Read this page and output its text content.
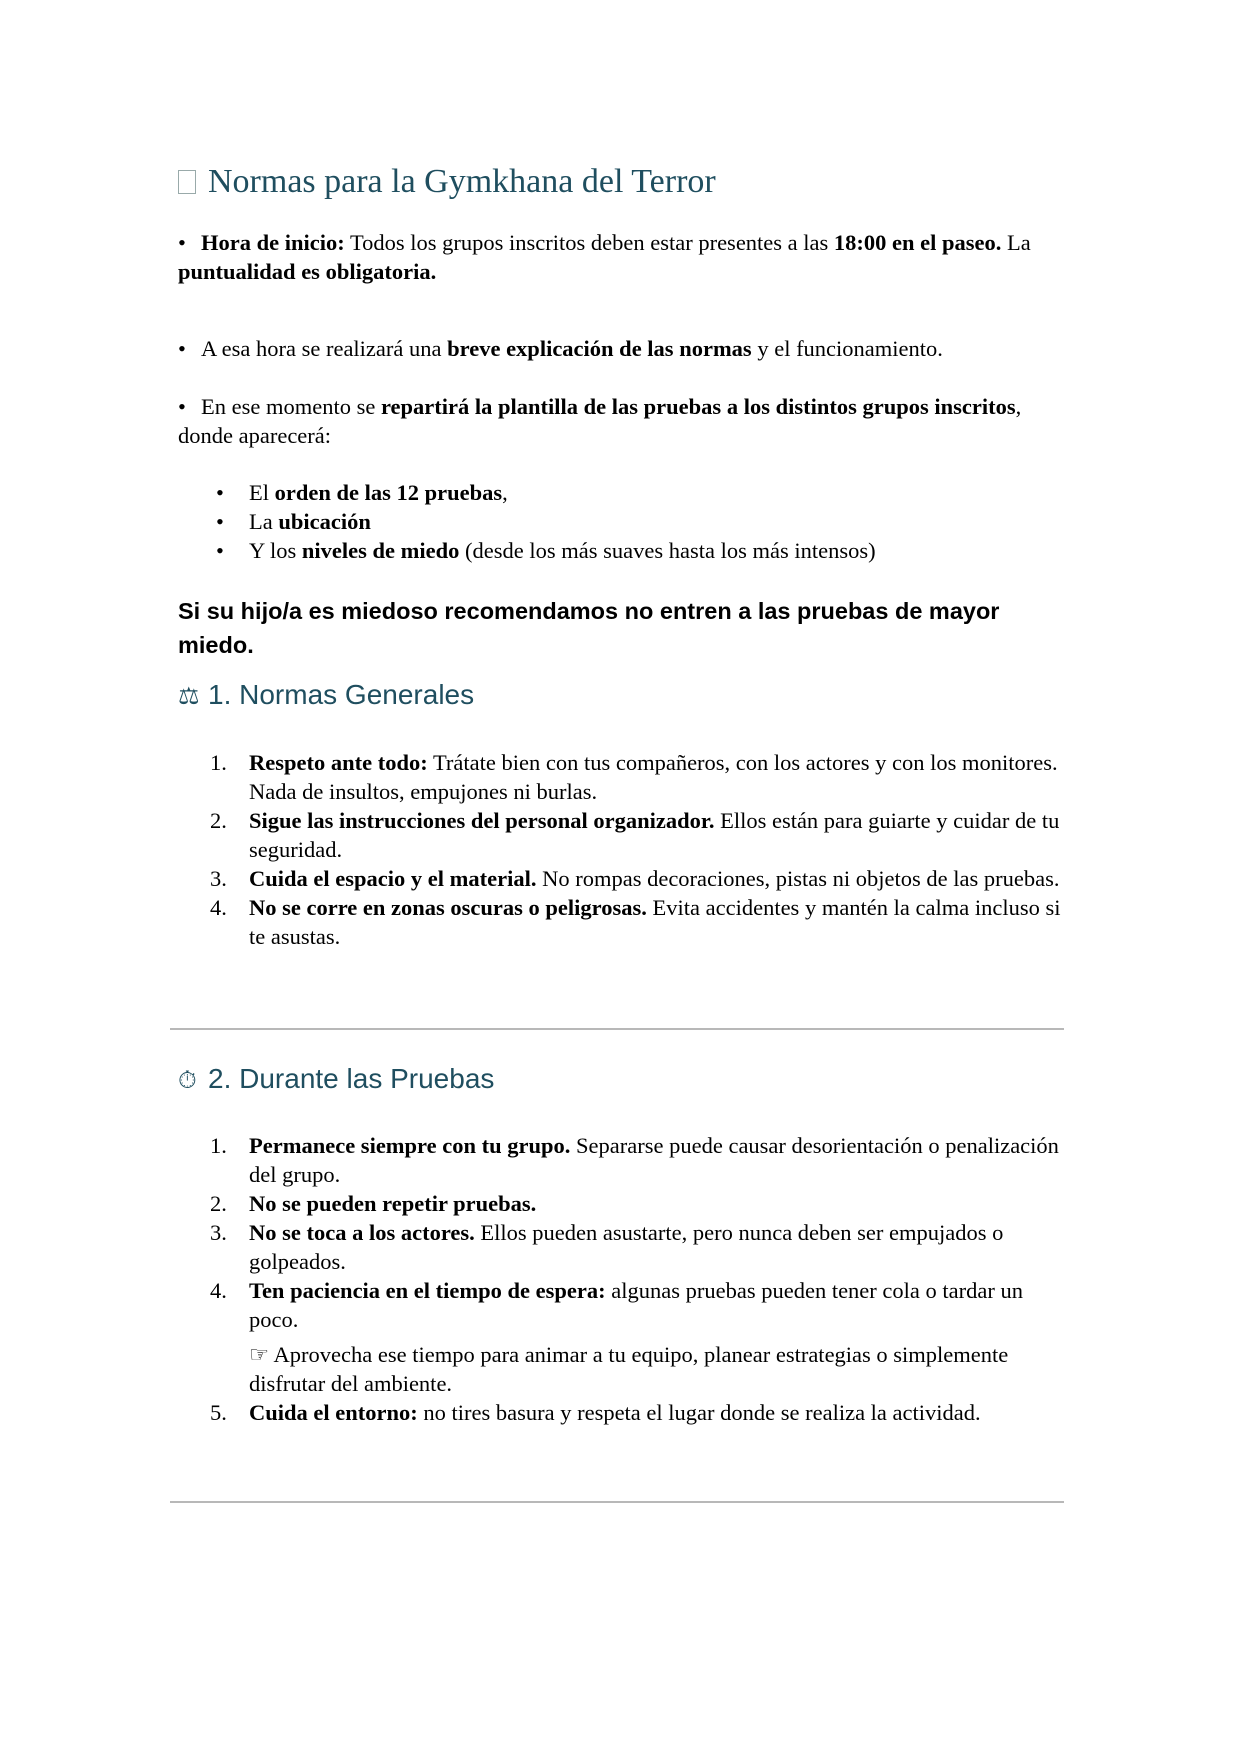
Normas para la Gymkhana del Terror

• Hora de inicio: Todos los grupos inscritos deben estar presentes a las 18:00 en el paseo. La puntualidad es obligatoria.

• A esa hora se realizará una breve explicación de las normas y el funcionamiento.

• En ese momento se repartirá la plantilla de las pruebas a los distintos grupos inscritos, donde aparecerá:

• El orden de las 12 pruebas,
• La ubicación
• Y los niveles de miedo (desde los más suaves hasta los más intensos)

Si su hijo/a es miedoso recomendamos no entren a las pruebas de mayor miedo.

⚖ 1. Normas Generales
1. Respeto ante todo: Trátate bien con tus compañeros, con los actores y con los monitores. Nada de insultos, empujones ni burlas.
2. Sigue las instrucciones del personal organizador. Ellos están para guiarte y cuidar de tu seguridad.
3. Cuida el espacio y el material. No rompas decoraciones, pistas ni objetos de las pruebas.
4. No se corre en zonas oscuras o peligrosas. Evita accidentes y mantén la calma incluso si te asustas.
⏱ 2. Durante las Pruebas
1. Permanece siempre con tu grupo. Separarse puede causar desorientación o penalización del grupo.
2. No se pueden repetir pruebas.
3. No se toca a los actores. Ellos pueden asustarte, pero nunca deben ser empujados o golpeados.
4. Ten paciencia en el tiempo de espera: algunas pruebas pueden tener cola o tardar un poco.
☞ Aprovecha ese tiempo para animar a tu equipo, planear estrategias o simplemente disfrutar del ambiente.
5. Cuida el entorno: no tires basura y respeta el lugar donde se realiza la actividad.
